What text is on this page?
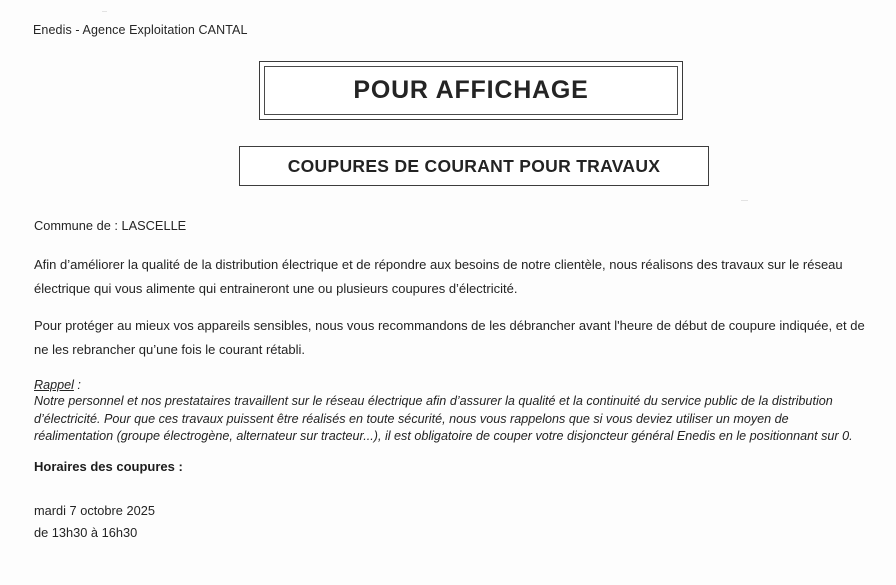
Enedis - Agence Exploitation CANTAL
POUR AFFICHAGE
COUPURES DE COURANT POUR TRAVAUX

Commune de : LASCELLE

Afin d’améliorer la qualité de la distribution électrique et de répondre aux besoins de notre clientèle, nous réalisons des travaux sur le réseau électrique qui vous alimente qui entraineront une ou plusieurs coupures d’électricité.

Pour protéger au mieux vos appareils sensibles, nous vous recommandons de les débrancher avant l'heure de début de coupure indiquée, et de ne les rebrancher qu’une fois le courant rétabli.

Rappel :

Notre personnel et nos prestataires travaillent sur le réseau électrique afin d’assurer la qualité et la continuité du service public de la distribution d’électricité. Pour que ces travaux puissent être réalisés en toute sécurité, nous vous rappelons que si vous deviez utiliser un moyen de réalimentation (groupe électrogène, alternateur sur tracteur...), il est obligatoire de couper votre disjoncteur général Enedis en le positionnant sur 0.

Horaires des coupures :

mardi 7 octobre 2025
de 13h30 à 16h30
